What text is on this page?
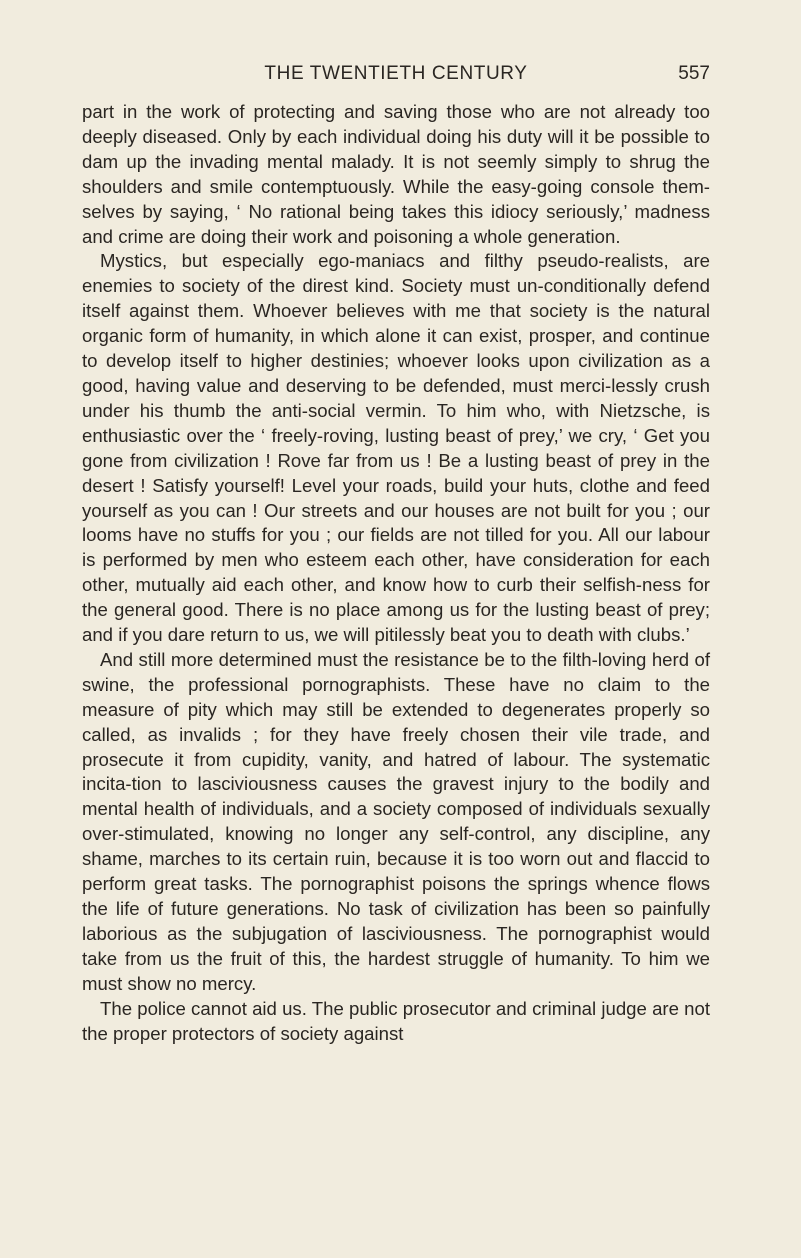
THE TWENTIETH CENTURY	557

part in the work of protecting and saving those who are not already too deeply diseased. Only by each individual doing his duty will it be possible to dam up the invading mental malady. It is not seemly simply to shrug the shoulders and smile contemptuously. While the easy-going console them-selves by saying, ‘ No rational being takes this idiocy seriously,’ madness and crime are doing their work and poisoning a whole generation.

Mystics, but especially ego-maniacs and filthy pseudo-realists, are enemies to society of the direst kind. Society must un-conditionally defend itself against them. Whoever believes with me that society is the natural organic form of humanity, in which alone it can exist, prosper, and continue to develop itself to higher destinies; whoever looks upon civilization as a good, having value and deserving to be defended, must merci-lessly crush under his thumb the anti-social vermin. To him who, with Nietzsche, is enthusiastic over the ‘ freely-roving, lusting beast of prey,’ we cry, ‘ Get you gone from civilization ! Rove far from us ! Be a lusting beast of prey in the desert ! Satisfy yourself! Level your roads, build your huts, clothe and feed yourself as you can ! Our streets and our houses are not built for you ; our looms have no stuffs for you ; our fields are not tilled for you. All our labour is performed by men who esteem each other, have consideration for each other, mutually aid each other, and know how to curb their selfish-ness for the general good. There is no place among us for the lusting beast of prey; and if you dare return to us, we will pitilessly beat you to death with clubs.’

And still more determined must the resistance be to the filth-loving herd of swine, the professional pornographists. These have no claim to the measure of pity which may still be extended to degenerates properly so called, as invalids ; for they have freely chosen their vile trade, and prosecute it from cupidity, vanity, and hatred of labour. The systematic incita-tion to lasciviousness causes the gravest injury to the bodily and mental health of individuals, and a society composed of individuals sexually over-stimulated, knowing no longer any self-control, any discipline, any shame, marches to its certain ruin, because it is too worn out and flaccid to perform great tasks. The pornographist poisons the springs whence flows the life of future generations. No task of civilization has been so painfully laborious as the subjugation of lasciviousness. The pornographist would take from us the fruit of this, the hardest struggle of humanity. To him we must show no mercy.

The police cannot aid us. The public prosecutor and criminal judge are not the proper protectors of society against
